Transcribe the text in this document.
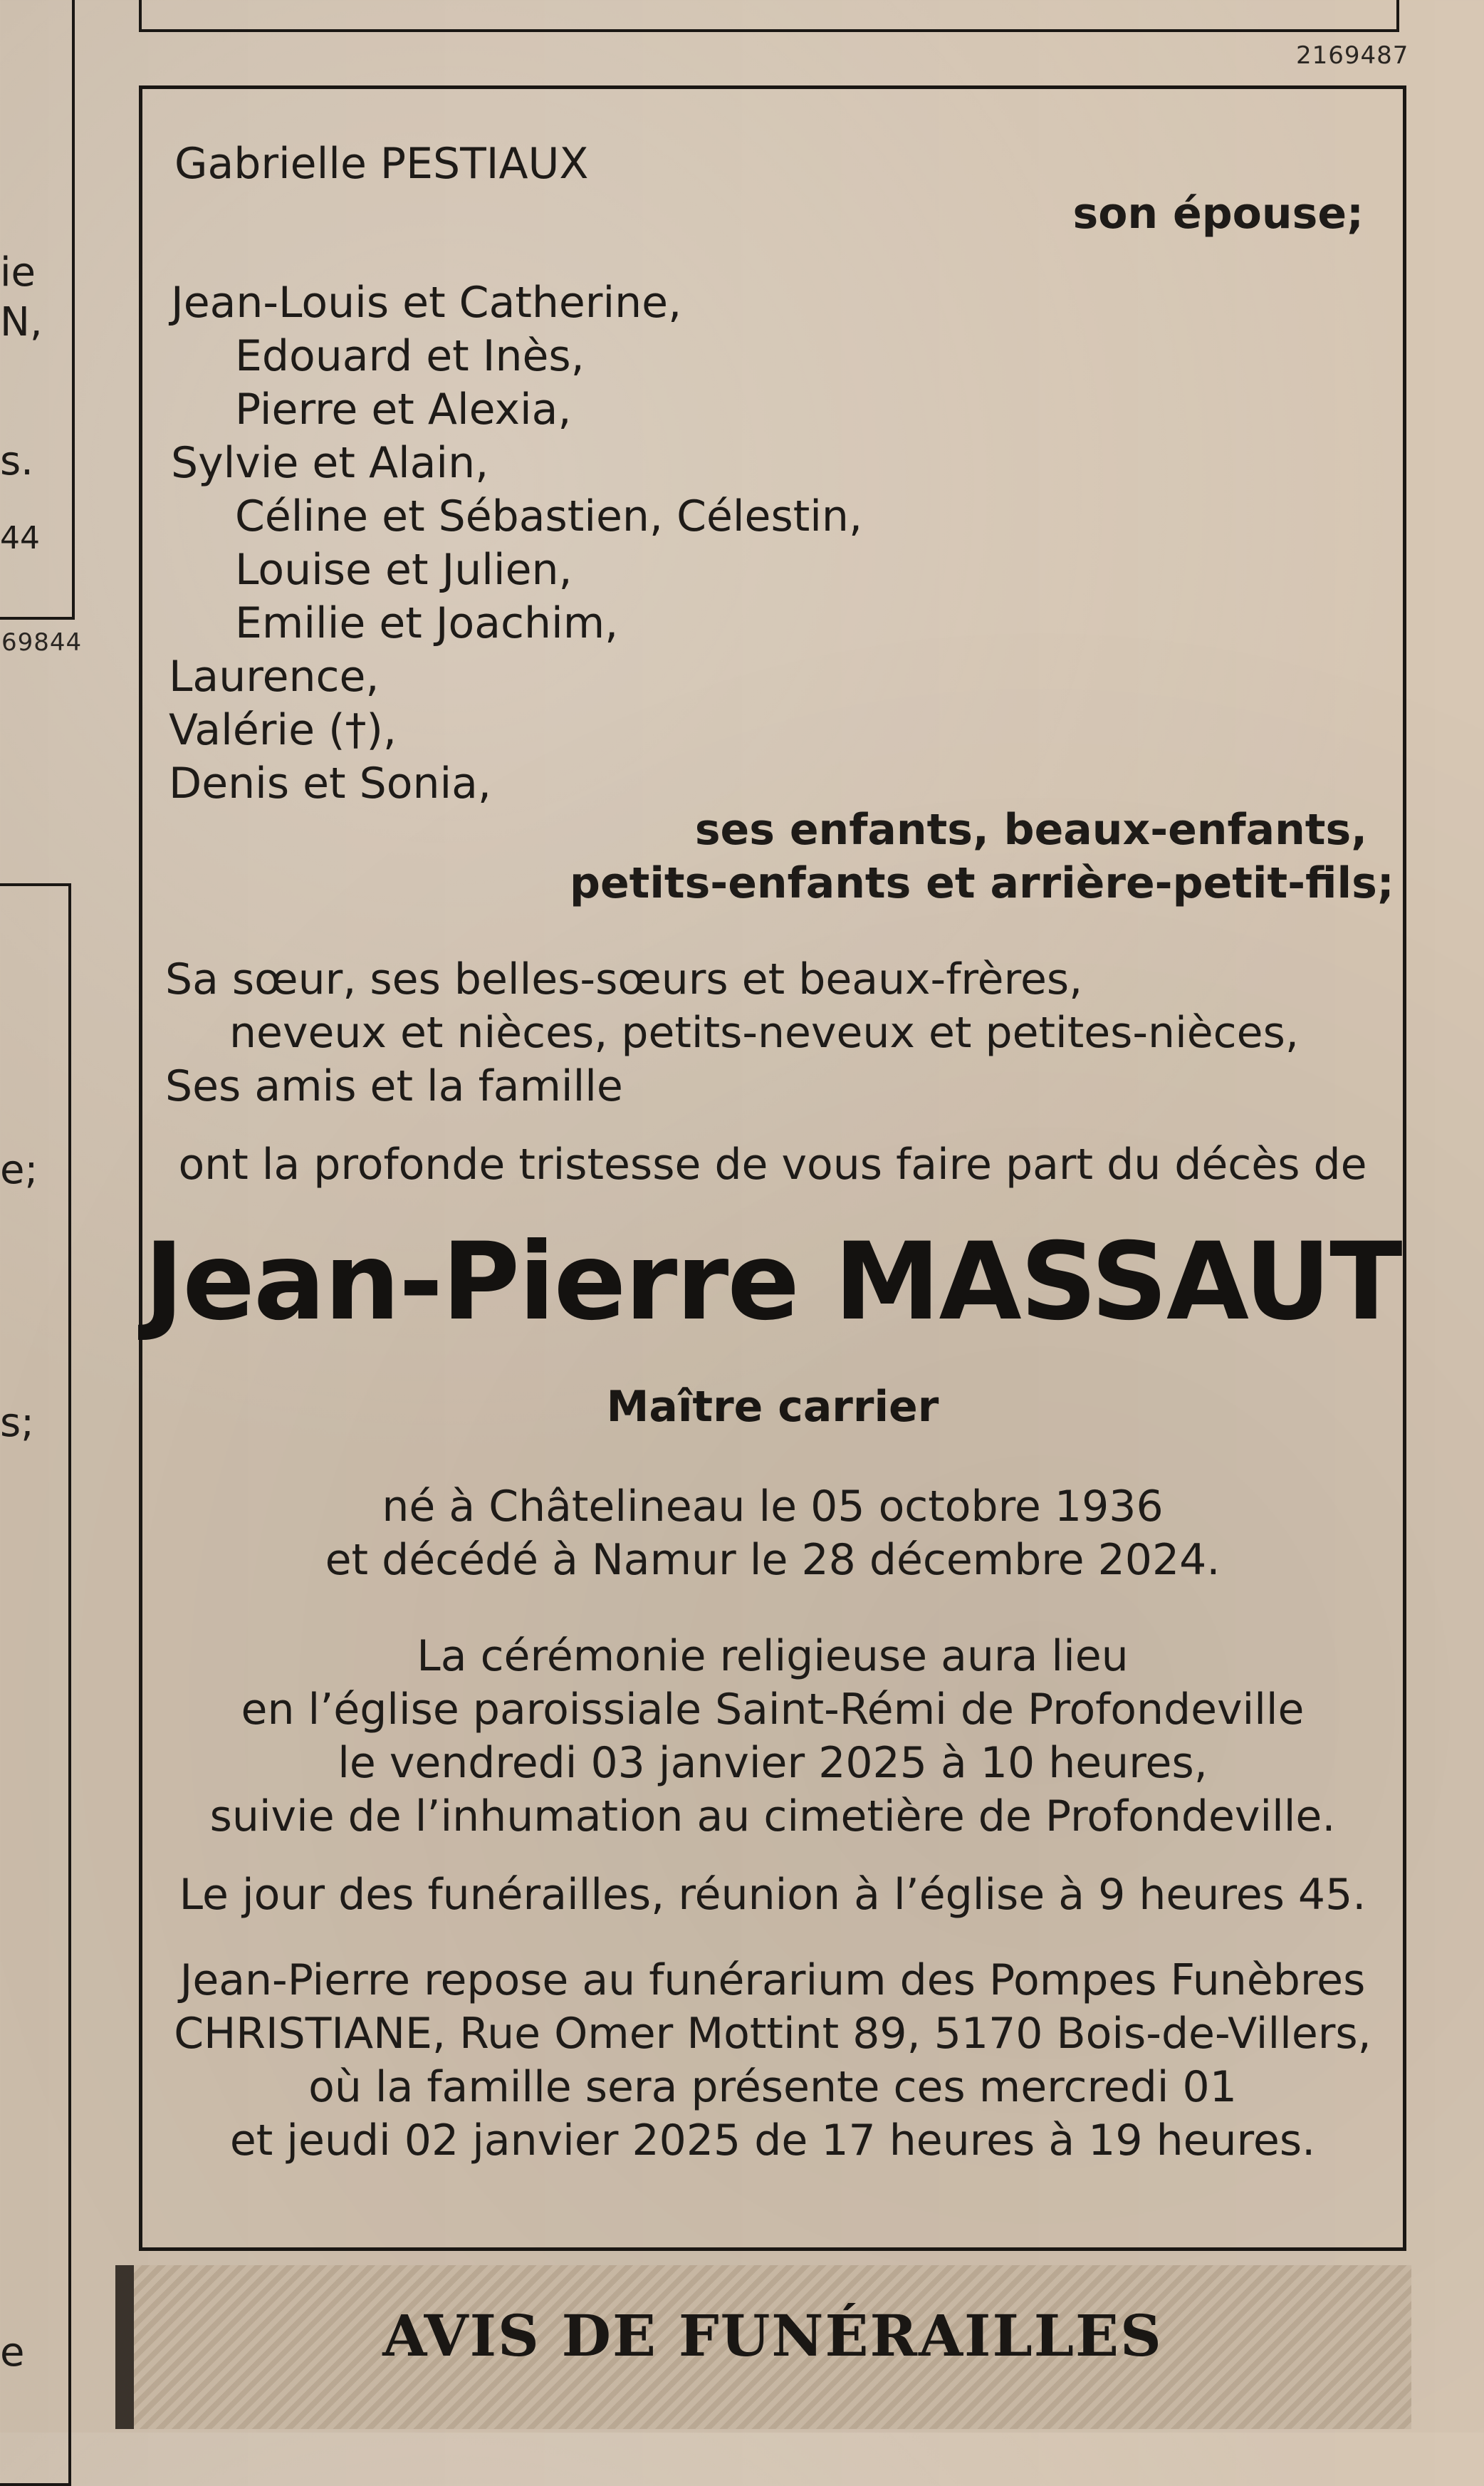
2169487
69844
ie
N,
s.
44
e;
s;
e
Gabrielle PESTIAUX
son épouse;
Jean-Louis et Catherine,
Edouard et Inès,
Pierre et Alexia,
Sylvie et Alain,
Céline et Sébastien, Célestin,
Louise et Julien,
Emilie et Joachim,
Laurence,
Valérie (†),
Denis et Sonia,
ses enfants, beaux-enfants,
petits-enfants et arrière-petit-fils;
Sa sœur, ses belles-sœurs et beaux-frères,
neveux et nièces, petits-neveux et petites-nièces,
Ses amis et la famille
ont la profonde tristesse de vous faire part du décès de
Jean-Pierre MASSAUT
Maître carrier
né à Châtelineau le 05 octobre 1936
et décédé à Namur le 28 décembre 2024.
La cérémonie religieuse aura lieu
en l’église paroissiale Saint-Rémi de Profondeville
le vendredi 03 janvier 2025 à 10 heures,
suivie de l’inhumation au cimetière de Profondeville.
Le jour des funérailles, réunion à l’église à 9 heures 45.
Jean-Pierre repose au funérarium des Pompes Funèbres
CHRISTIANE, Rue Omer Mottint 89, 5170 Bois-de-Villers,
où la famille sera présente ces mercredi 01
et jeudi 02 janvier 2025 de 17 heures à 19 heures.
AVIS DE FUNÉRAILLES
